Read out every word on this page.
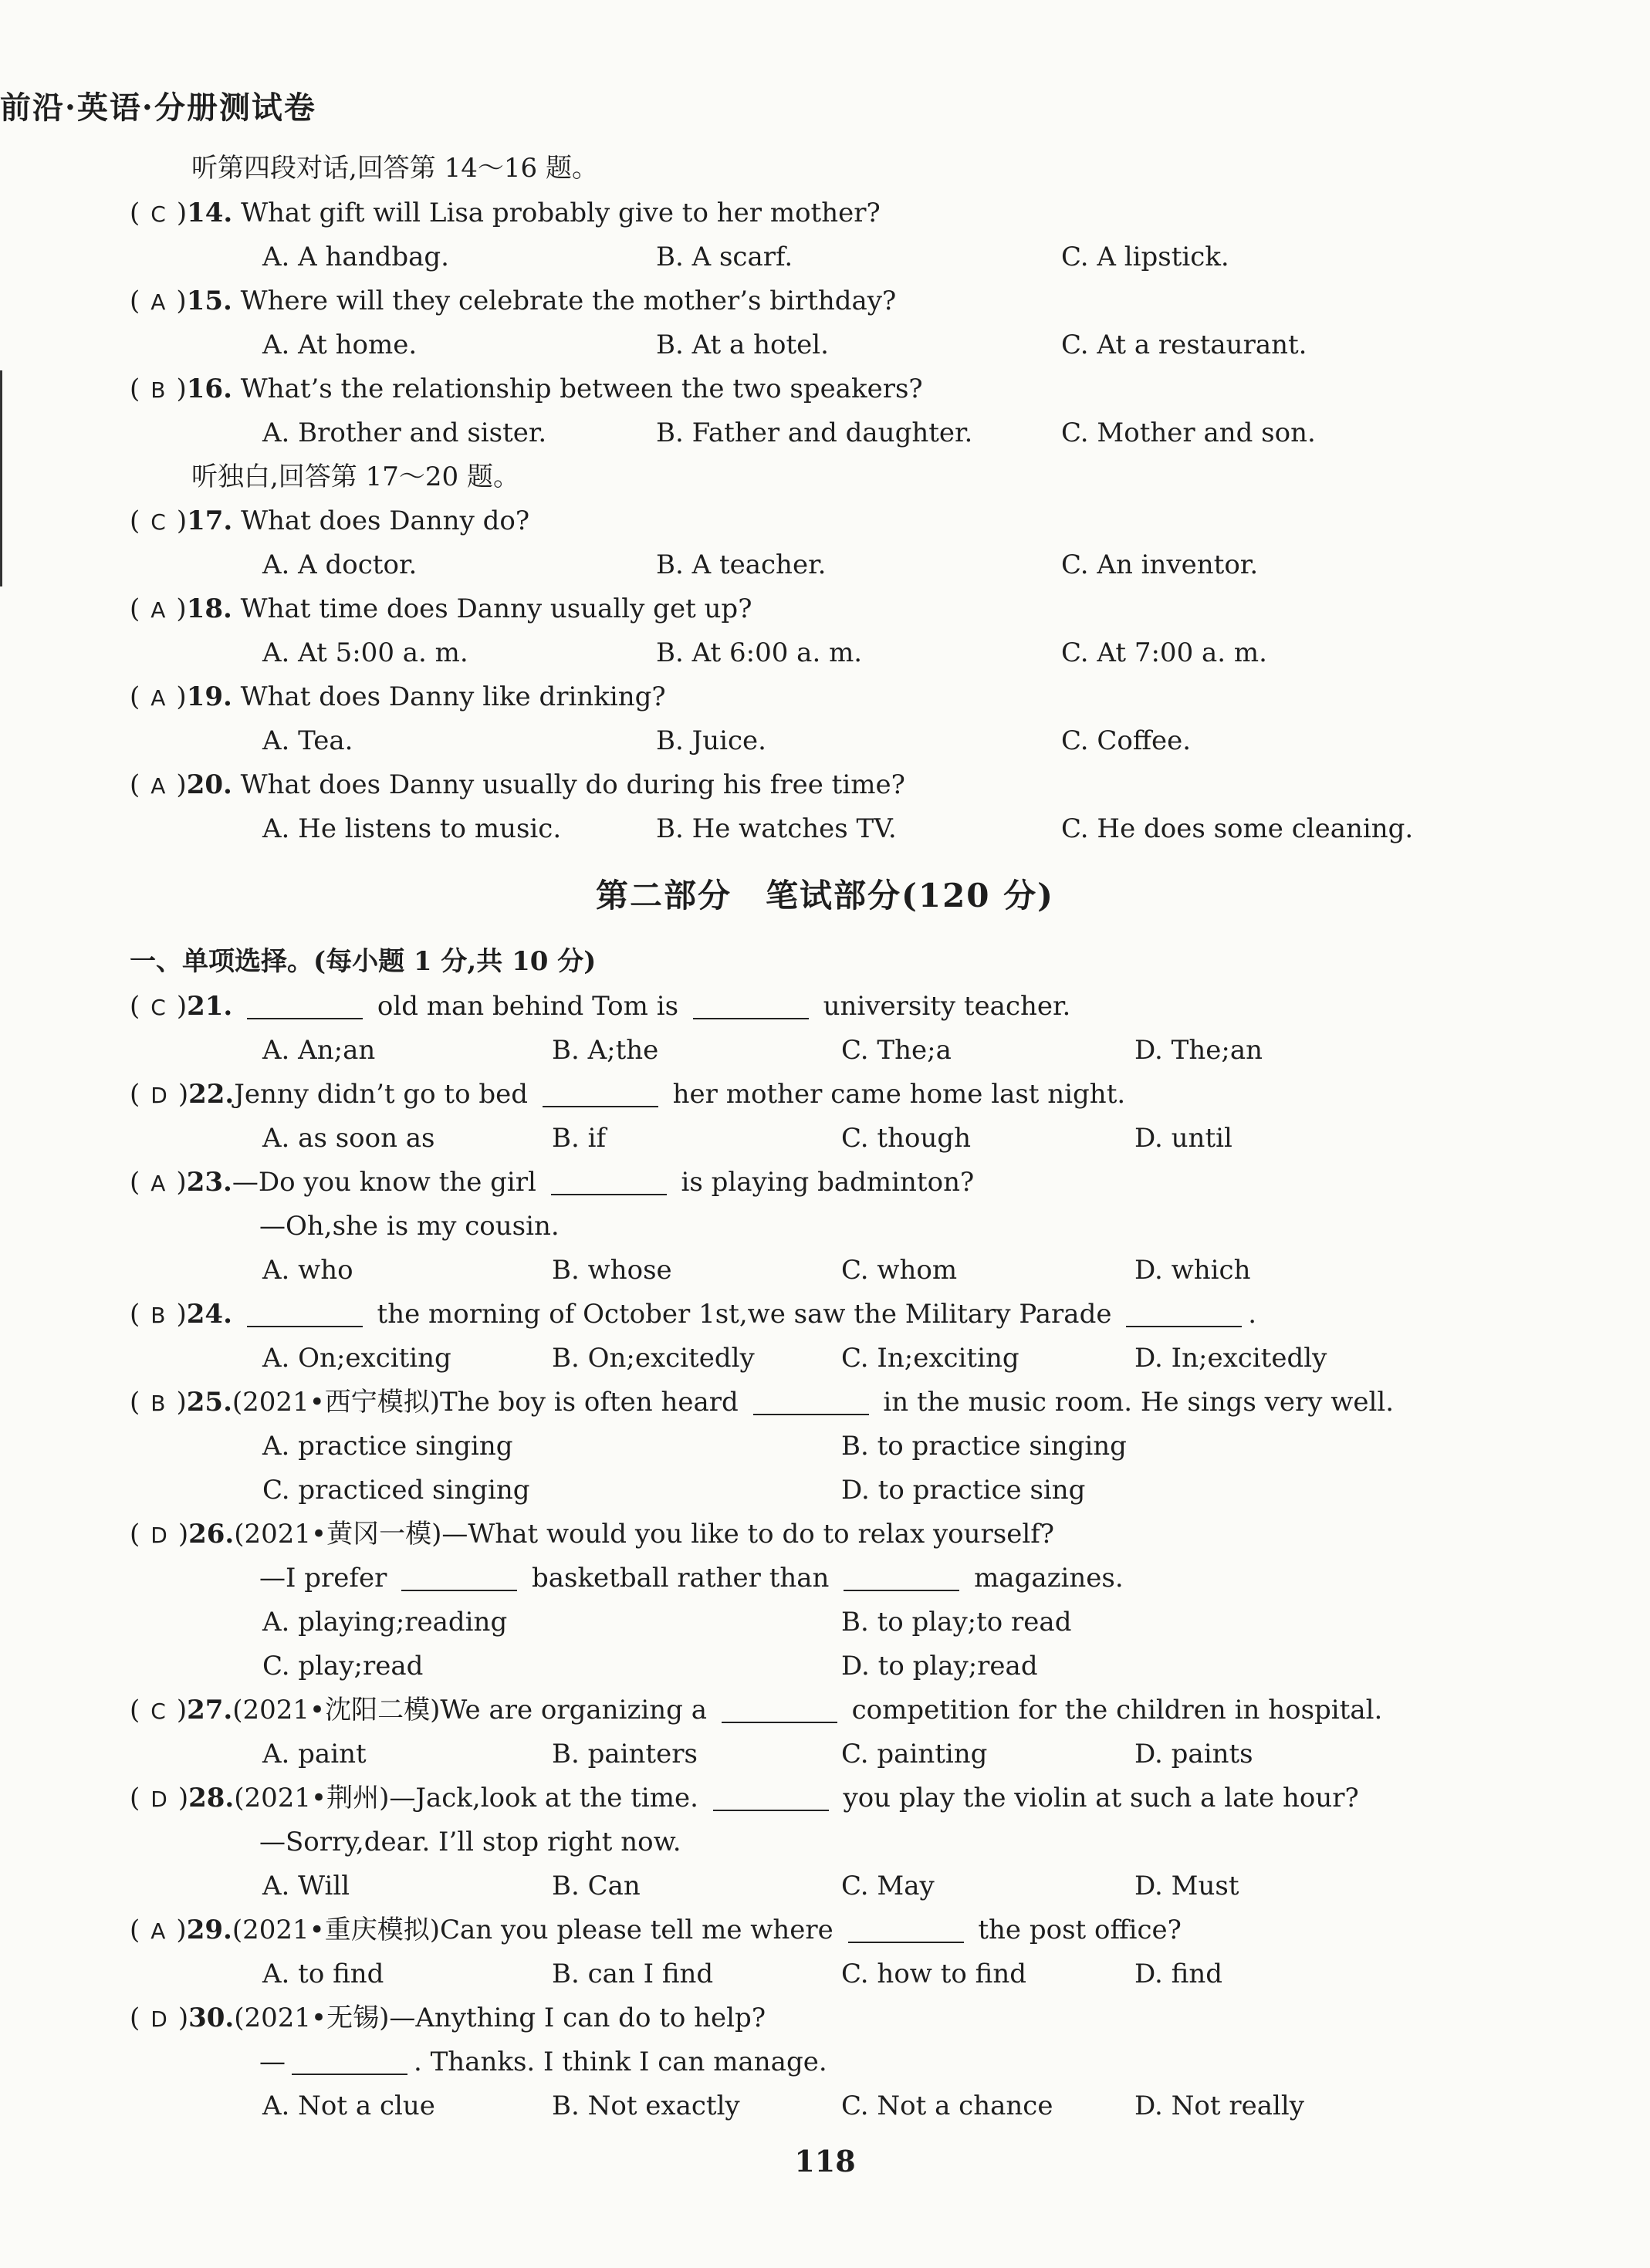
前沿·英语·分册测试卷
听第四段对话,回答第 14～16 题。
( C )14. What gift will Lisa probably give to her mother?
A. A handbag.	B. A scarf.	C. A lipstick.
( A )15. Where will they celebrate the mother’s birthday?
A. At home.	B. At a hotel.	C. At a restaurant.
( B )16. What’s the relationship between the two speakers?
A. Brother and sister.	B. Father and daughter.	C. Mother and son.
听独白,回答第 17～20 题。
( C )17. What does Danny do?
A. A doctor.	B. A teacher.	C. An inventor.
( A )18. What time does Danny usually get up?
A. At 5:00 a. m.	B. At 6:00 a. m.	C. At 7:00 a. m.
( A )19. What does Danny like drinking?
A. Tea.	B. Juice.	C. Coffee.
( A )20. What does Danny usually do during his free time?
A. He listens to music.	B. He watches TV.	C. He does some cleaning.
第二部分　笔试部分(120 分)
一、单项选择。(每小题 1 分,共 10 分)
( C )21.	old man behind Tom is	university teacher.
A. An;an	B. A;the	C. The;a	D. The;an
( D )22.Jenny didn’t go to bed	her mother came home last night.
A. as soon as	B. if	C. though	D. until
( A )23.—Do you know the girl	is playing badminton?
—Oh,she is my cousin.
A. who	B. whose	C. whom	D. which
( B )24.	the morning of October 1st,we saw the Military Parade	.
A. On;exciting	B. On;excitedly	C. In;exciting	D. In;excitedly
( B )25.(2021•西宁模拟)The boy is often heard	in the music room. He sings very well.
A. practice singing	B. to practice singing
C. practiced singing	D. to practice sing
( D )26.(2021•黄冈一模)—What would you like to do to relax yourself?
—I prefer	basketball rather than	magazines.
A. playing;reading	B. to play;to read
C. play;read	D. to play;read
( C )27.(2021•沈阳二模)We are organizing a	competition for the children in hospital.
A. paint	B. painters	C. painting	D. paints
( D )28.(2021•荆州)—Jack,look at the time.	you play the violin at such a late hour?
—Sorry,dear. I’ll stop right now.
A. Will	B. Can	C. May	D. Must
( A )29.(2021•重庆模拟)Can you please tell me where	the post office?
A. to find	B. can I find	C. how to find	D. find
( D )30.(2021•无锡)—Anything I can do to help?
—	. Thanks. I think I can manage.
A. Not a clue	B. Not exactly	C. Not a chance	D. Not really
118
